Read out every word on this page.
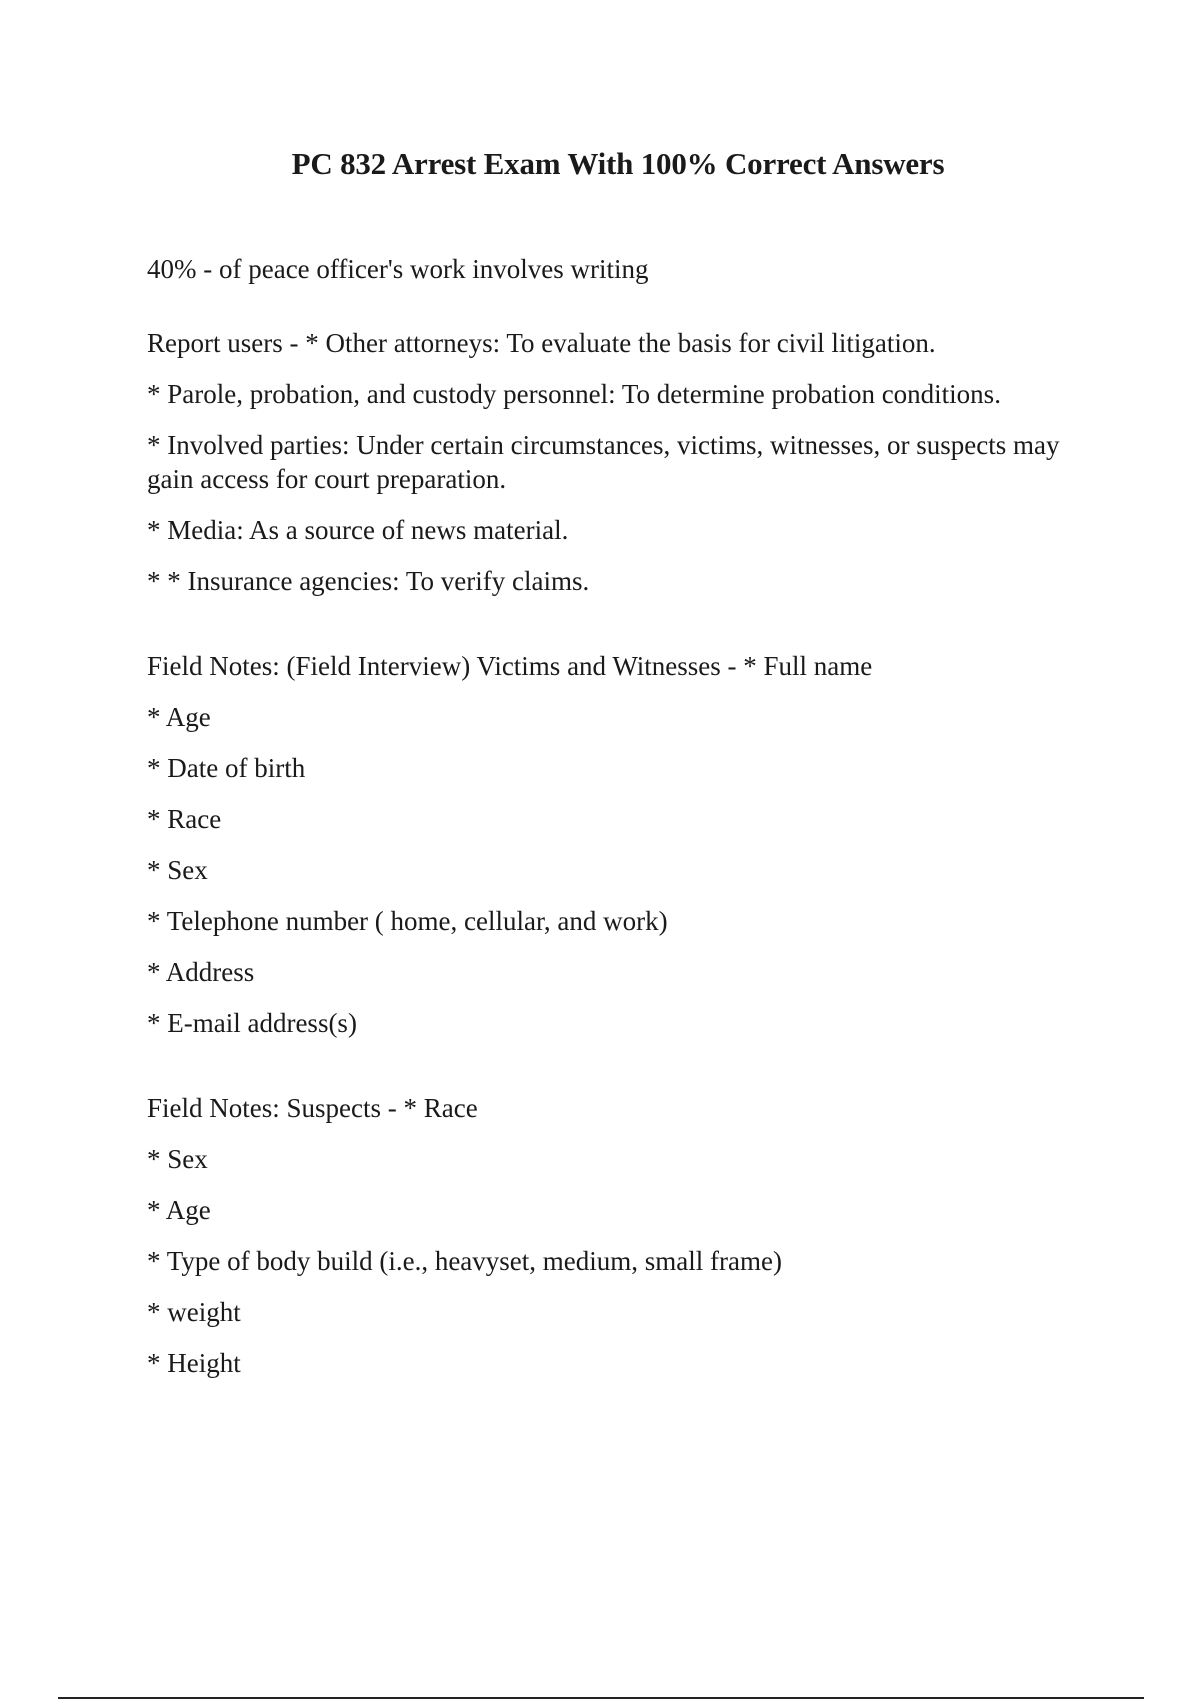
PC 832 Arrest Exam With 100% Correct Answers

40% - of peace officer's work involves writing

Report users - * Other attorneys: To evaluate the basis for civil litigation.

* Parole, probation, and custody personnel: To determine probation conditions.

* Involved parties: Under certain circumstances, victims, witnesses, or suspects may gain access for court preparation.

* Media: As a source of news material.

* * Insurance agencies: To verify claims.

Field Notes: (Field Interview) Victims and Witnesses - * Full name

* Age

* Date of birth

* Race

* Sex

* Telephone number ( home, cellular, and work)

* Address

* E-mail address(s)

Field Notes: Suspects - * Race

* Sex

* Age

* Type of body build (i.e., heavyset, medium, small frame)

* weight

* Height
